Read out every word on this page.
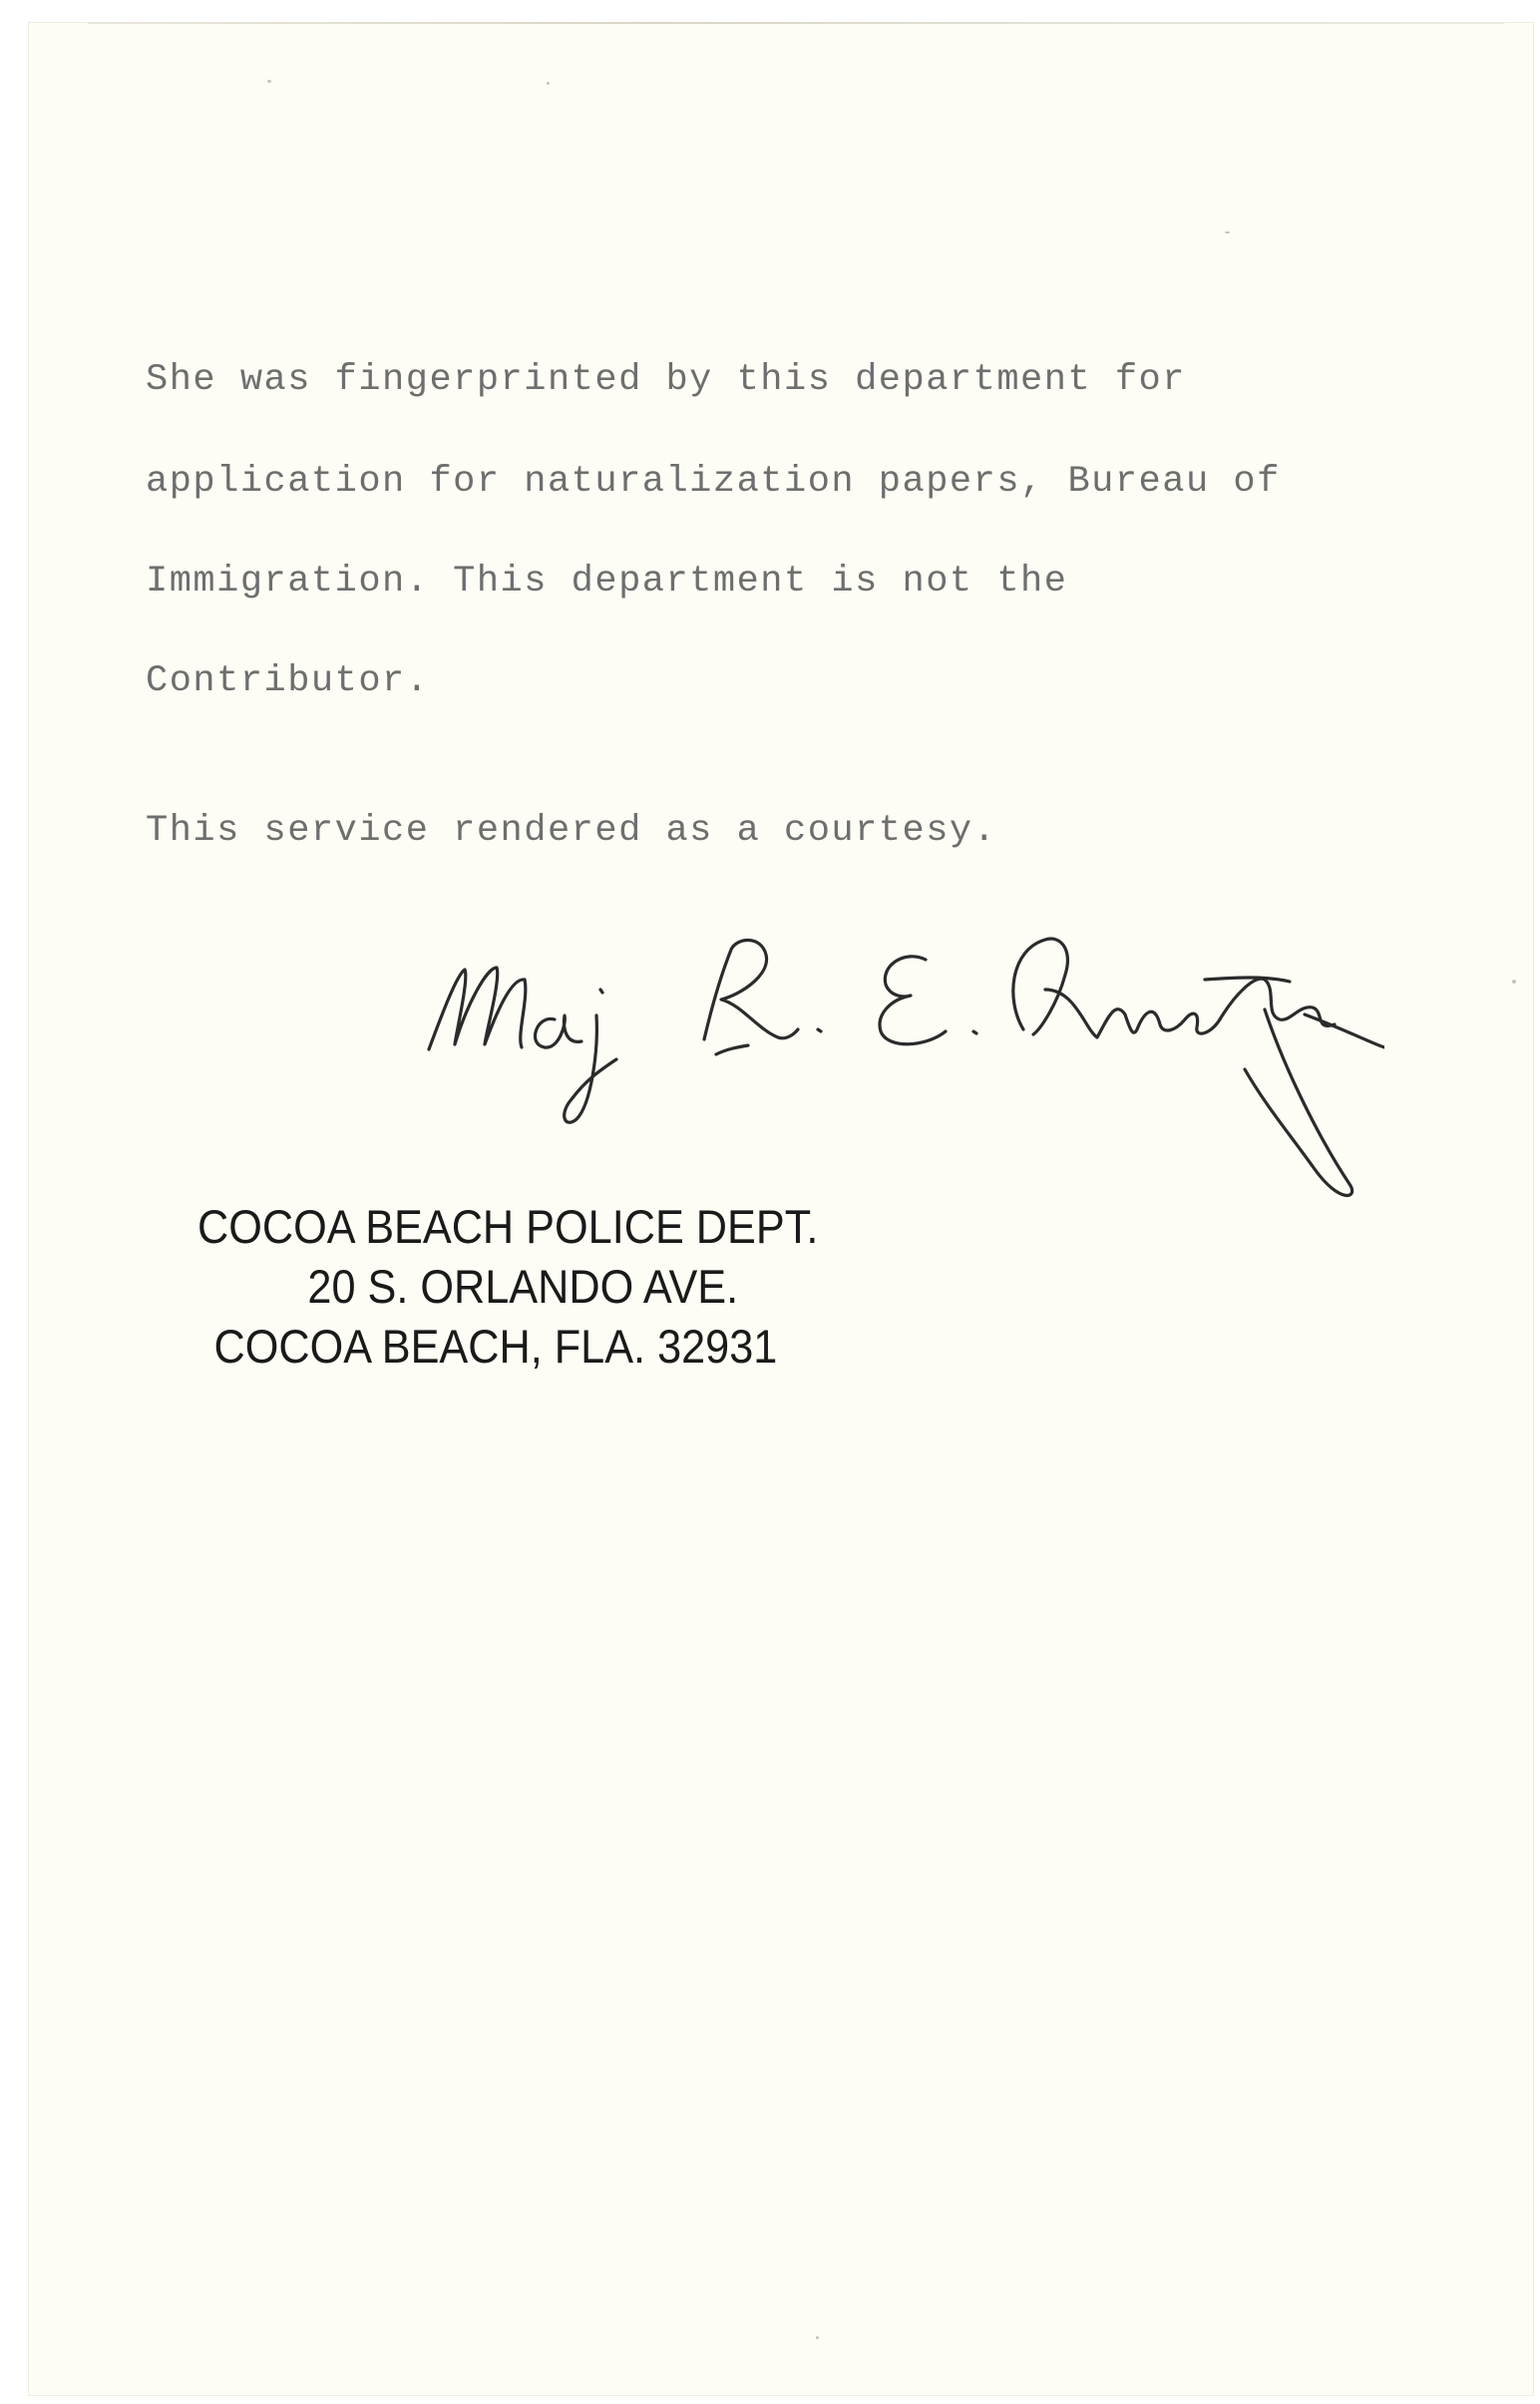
She was fingerprinted by this department for

application for naturalization papers, Bureau of

Immigration. This department is not the

Contributor.

This service rendered as a courtesy.

COCOA BEACH POLICE DEPT.
20 S. ORLANDO AVE.
COCOA BEACH, FLA. 32931
